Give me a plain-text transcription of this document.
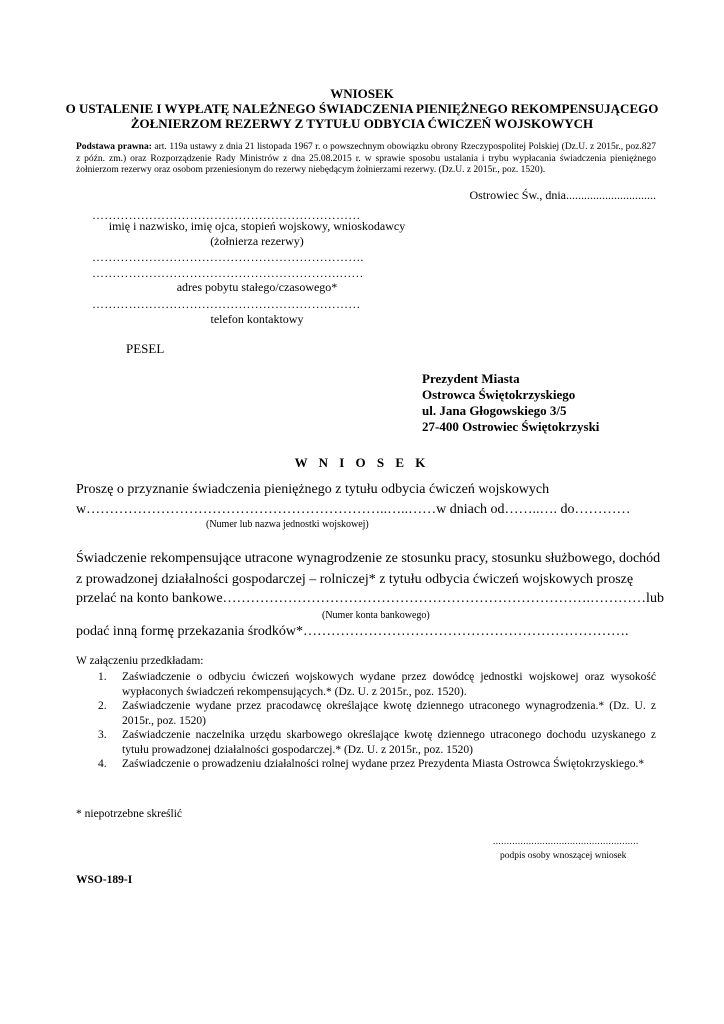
WNIOSEK
O USTALENIE I WYPŁATĘ NALEŻNEGO ŚWIADCZENIA PIENIĘŻNEGO REKOMPENSUJĄCEGO
ŻOŁNIERZOM REZERWY Z TYTUŁU ODBYCIA ĆWICZEŃ WOJSKOWYCH
Podstawa prawna: art. 119a ustawy z dnia 21 listopada 1967 r. o powszechnym obowiązku obrony Rzeczypospolitej Polskiej (Dz.U. z 2015r., poz.827 z późn. zm.) oraz Rozporządzenie Rady Ministrów z dna 25.08.2015 r. w sprawie sposobu ustalania i trybu wypłacania świadczenia pieniężnego żołnierzom rezerwy oraz osobom przeniesionym do rezerwy niebędącym żołnierzami rezerwy. (Dz.U. z 2015r., poz. 1520).
Ostrowiec Św., dnia..............................
…………………………………………………………
imię i nazwisko, imię ojca, stopień wojskowy, wnioskodawcy
(żołnierza rezerwy)
………………………………………………………….
…………………………………………………….……
adres pobytu stałego/czasowego*
…………………………………………………………
telefon kontaktowy
PESEL
Prezydent Miasta
Ostrowca Świętokrzyskiego
ul. Jana Głogowskiego 3/5
27-400 Ostrowiec Świętokrzyski
W N I O S E K
Proszę o przyznanie świadczenia pieniężnego z tytułu odbycia ćwiczeń wojskowych
w………………………………………………………..…..……w dniach od……..…. do…………
(Numer lub nazwa jednostki wojskowej)
Świadczenie rekompensujące utracone wynagrodzenie ze stosunku pracy, stosunku służbowego, dochód
z prowadzonej działalności gospodarczej – rolniczej* z tytułu odbycia ćwiczeń wojskowych proszę
przelać na konto bankowe…………………………………………………………………….…………lub
(Numer konta bankowego)
podać inną formę przekazania środków*…………………………………………………………….
W załączeniu przedkładam:
1. Zaświadczenie o odbyciu ćwiczeń wojskowych wydane przez dowódcę jednostki wojskowej oraz wysokość wypłaconych świadczeń rekompensujących.* (Dz. U. z 2015r., poz. 1520).
2. Zaświadczenie wydane przez pracodawcę określające kwotę dziennego utraconego wynagrodzenia.* (Dz. U. z 2015r., poz. 1520)
3. Zaświadczenie naczelnika urzędu skarbowego określające kwotę dziennego utraconego dochodu uzyskanego z tytułu prowadzonej działalności gospodarczej.* (Dz. U. z 2015r., poz. 1520)
4. Zaświadczenie o prowadzeniu działalności rolnej wydane przez Prezydenta Miasta Ostrowca Świętokrzyskiego.*
* niepotrzebne skreślić
.....................................................
podpis osoby wnoszącej wniosek
WSO-189-I
